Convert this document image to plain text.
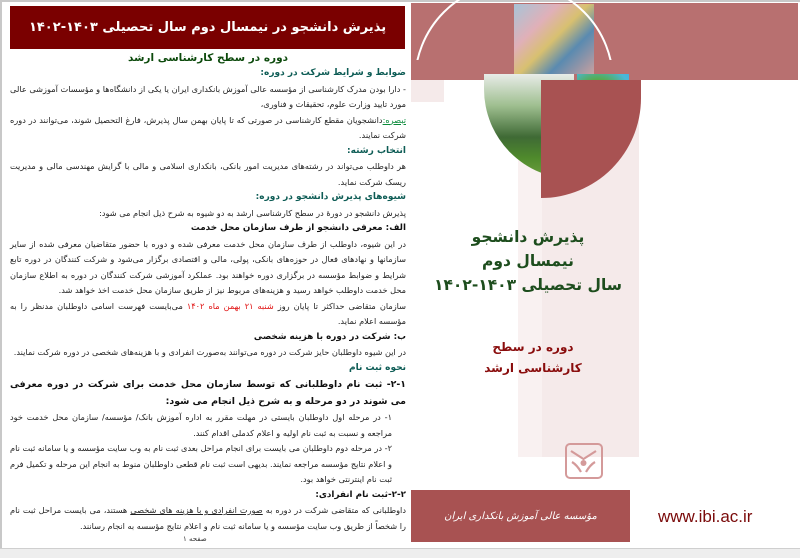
پذیرش دانشجو در نیمسال دوم سال تحصیلی ۱۴۰۳-۱۴۰۲

دوره در سطح کارشناسی ارشد

ضوابط و شرایط شرکت در دوره:

- دارا بودن مدرک کارشناسی از مؤسسه عالی آموزش بانکداری ایران یا یکی از دانشگاه‌ها و مؤسسات آموزشی عالی مورد تایید وزارت علوم، تحقیقات و فناوری،

تبصره:دانشجویان مقطع کارشناسی در صورتی که تا پایان بهمن سال پذیرش، فارغ التحصیل شوند، می‌توانند در دوره شرکت نمایند.

انتخاب رشته:

هر داوطلب می‌تواند در رشته‌های مدیریت امور بانکی، بانکداری اسلامی و مالی با گرایش مهندسی مالی و مدیریت ریسک شرکت نماید.

شیوه‌های پذیرش دانشجو در دوره:

پذیرش دانشجو در دورۀ در سطح کارشناسی ارشد به دو شیوه به شرح ذیل انجام می شود:

الف: معرفی دانشجو از طرف سازمان محل خدمت

در این شیوه، داوطلب از طرف سازمان محل خدمت معرفی شده و دوره با حضور متقاضیان معرفی شده از سایر سازمانها و نهادهای فعال در حوزه‌های بانکی، پولی، مالی و اقتصادی برگزار می‌شود و شرکت کنندگان در دوره تابع شرایط و ضوابط مؤسسه در برگزاری دوره خواهند بود. عملکرد آموزشی شرکت کنندگان در دوره به اطلاع سازمان محل خدمت داوطلب خواهد رسید و هزینه‌های مربوط نیز از طریق سازمان محل خدمت اخذ خواهد شد.

سازمان متقاضی حداکثر تا پایان روز شنبه ۲۱ بهمن ماه ۱۴۰۲ می‌بایست فهرست اسامی داوطلبان مدنظر را به مؤسسه اعلام نماید.

ب: شرکت در دوره با هزینه شخصی

در این شیوه داوطلبان حایز شرکت در دوره می‌توانند به‌صورت انفرادی و با هزینه‌های شخصی در دوره شرکت نمایند.

نحوه ثبت نام

۲-۱- ثبت نام داوطلبانی که توسط سازمان محل خدمت برای شرکت در دوره معرفی می شوند در دو مرحله و به شرح ذیل انجام می شود:

۱- در مرحله اول داوطلبان بایستی در مهلت مقرر به اداره آموزش بانک/ مؤسسه/ سازمان محل خدمت خود مراجعه و نسبت به ثبت نام اولیه و اعلام کدملی اقدام کنند.

۲- در مرحله دوم داوطلبان می بایست برای انجام مراحل بعدی ثبت نام به وب سایت مؤسسه و یا سامانه ثبت نام و اعلام نتایج مؤسسه مراجعه نمایند. بدیهی است ثبت نام قطعی داوطلبان منوط به انجام این مرحله و تکمیل فرم ثبت نام اینترنتی خواهد بود.

۲-۲-ثبت نام انفرادی:

داوطلبانی که متقاضی شرکت در دوره به صورت انفرادی و با هزینه های شخصی هستند، می بایست مراحل ثبت نام را شخصاً از طریق وب سایت مؤسسه و یا سامانه ثبت نام و اعلام نتایج مؤسسه به انجام رسانند.

صفحه ۱
پذیرش دانشجو
نیمسال دوم
سال تحصیلی ۱۴۰۳-۱۴۰۲
دوره در سطح
کارشناسی ارشد
مؤسسه عالی آموزش بانکداری ایران	www.ibi.ac.ir
